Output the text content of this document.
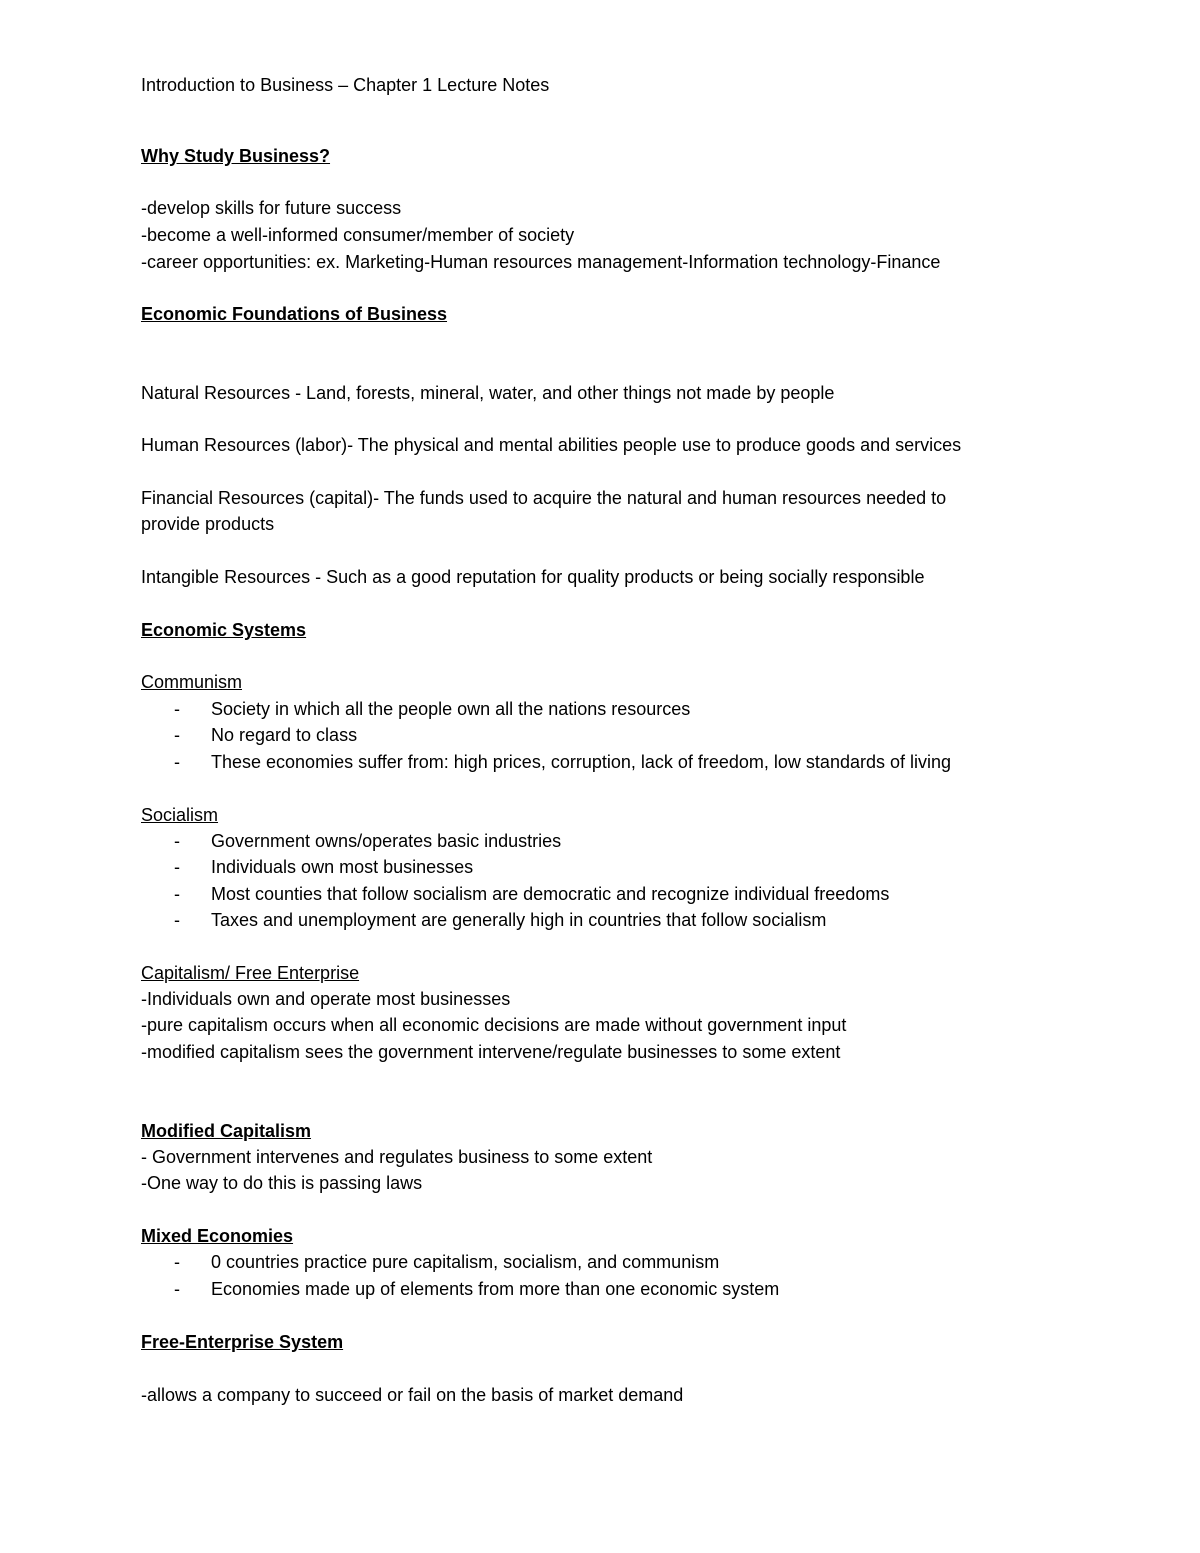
Introduction to Business – Chapter 1 Lecture Notes
Why Study Business?
-develop skills for future success
-become a well-informed consumer/member of society
-career opportunities: ex. Marketing-Human resources management-Information technology-Finance
Economic Foundations of Business
Natural Resources - Land, forests, mineral, water, and other things not made by people
Human Resources (labor)- The physical and mental abilities people use to produce goods and services
Financial Resources (capital)- The funds used to acquire the natural and human resources needed to
provide products
Intangible Resources - Such as a good reputation for quality products or being socially responsible
Economic Systems
Communism
- Society in which all the people own all the nations resources
- No regard to class
- These economies suffer from: high prices, corruption, lack of freedom, low standards of living
Socialism
- Government owns/operates basic industries
- Individuals own most businesses
- Most counties that follow socialism are democratic and recognize individual freedoms
- Taxes and unemployment are generally high in countries that follow socialism
Capitalism/ Free Enterprise
-Individuals own and operate most businesses
-pure capitalism occurs when all economic decisions are made without government input
-modified capitalism sees the government intervene/regulate businesses to some extent
Modified Capitalism
- Government intervenes and regulates business to some extent
-One way to do this is passing laws
Mixed Economies
- 0 countries practice pure capitalism, socialism, and communism
- Economies made up of elements from more than one economic system
Free-Enterprise System
-allows a company to succeed or fail on the basis of market demand
